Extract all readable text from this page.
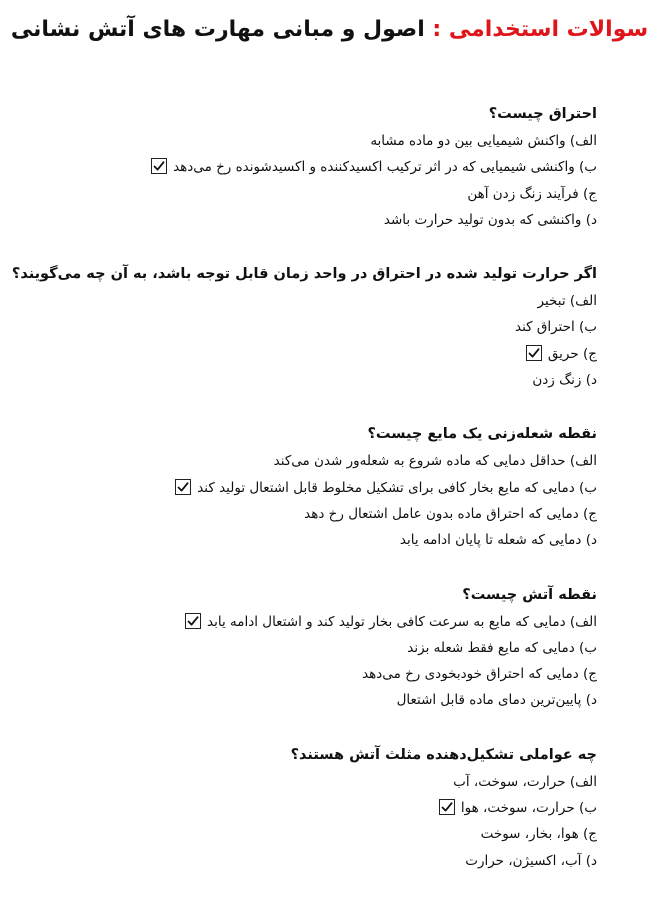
سوالات استخدامی : اصول و مبانی مهارت های آتش نشانی
احتراق چیست؟
الف) واکنش شیمیایی بین دو ماده مشابه
ب) واکنشی شیمیایی که در اثر ترکیب اکسیدکننده و اکسیدشونده رخ می‌دهد
ج) فرآیند زنگ زدن آهن
د) واکنشی که بدون تولید حرارت باشد
اگر حرارت تولید شده در احتراق در واحد زمان قابل توجه باشد، به آن چه می‌گویند؟
الف) تبخیر
ب) احتراق کند
ج) حریق
د) زنگ زدن
نقطه شعله‌زنی یک مایع چیست؟
الف) حداقل دمایی که ماده شروع به شعله‌ور شدن می‌کند
ب) دمایی که مایع بخار کافی برای تشکیل مخلوط قابل اشتعال تولید کند
ج) دمایی که احتراق ماده بدون عامل اشتعال رخ دهد
د) دمایی که شعله تا پایان ادامه یابد
نقطه آتش چیست؟
الف) دمایی که مایع به سرعت کافی بخار تولید کند و اشتعال ادامه یابد
ب) دمایی که مایع فقط شعله بزند
ج) دمایی که احتراق خودبخودی رخ می‌دهد
د) پایین‌ترین دمای ماده قابل اشتعال
چه عواملی تشکیل‌دهنده مثلث آتش هستند؟
الف) حرارت، سوخت، آب
ب) حرارت، سوخت، هوا
ج) هوا، بخار، سوخت
د) آب، اکسیژن، حرارت
